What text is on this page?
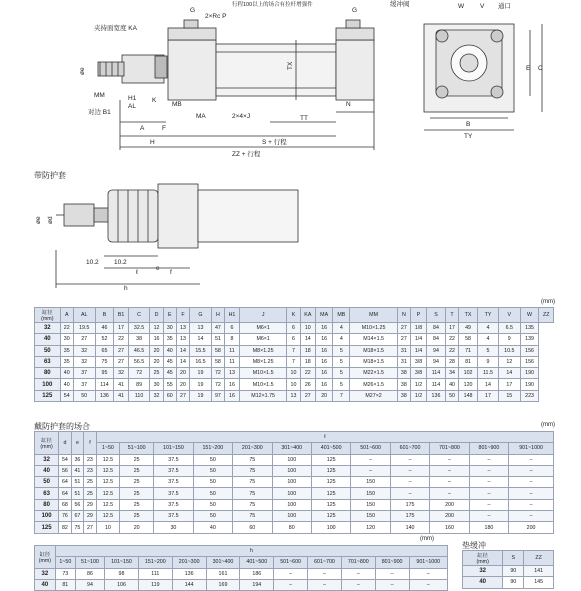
G
2×Rc P
行程100以上的场合有拉杆增强件
G
夹持面宽度 KA
øe
MM	H1
AL
对边 B1
K
MB
MA	2×4×J
TX
N
TT
A	F
H	S + 行程
ZZ + 行程
缓冲阀	W V 通口
E C
B
TY
带防护套
øe ød
10.2 10.2
ℓ
e
f
h
(mm)
缸径
(mm)	A	AL	B	B1	C	D	E	F	G	H	H1	J	K	KA	MA	MB	MM	N	P	S	T	TX	TY	V	W	ZZ
32	22	19.5	46	17	32.5	12	30	13	13	47	6	M6×1	6	10	16	4	M10×1.25	27	1/8	84	17	49	4	6.5	135	
40	30	27	52	22	38	16	35	13	14	51	8	M6×1	6	14	16	4	M14×1.5	27	1/4	84	22	58	4	9	139	
50	35	32	65	27	46.5	20	40	14	15.5	58	11	M8×1.25	7	18	16	5	M18×1.5	31	1/4	94	22	71	5	10.5	156	
63	35	32	75	27	56.5	20	45	14	16.5	58	11	M8×1.25	7	18	16	5	M18×1.5	31	3/8	94	28	81	9	12	156	
80	40	37	95	32	72	25	45	20	19	72	13	M10×1.5	10	22	16	5	M22×1.5	38	3/8	114	34	102	11.5	14	190	
100	40	37	114	41	89	30	55	20	19	72	16	M10×1.5	10	26	16	5	M26×1.5	38	1/2	114	40	120	14	17	190	
125	54	50	136	41	110	32	60	27	19	97	16	M12×1.75	13	27	20	7	M27×2	38	1/2	136	50	148	17	15	223	
戴防护套的场合	(mm)
缸径
(mm)	d	e	f	ℓ											
				1~50	51~100	101~150	151~200	201~300	301~400	401~500	501~600	601~700	701~800	801~900	901~1000
32	54	36	23	12.5	25	37.5	50	75	100	125	–	–	–	–	–
40	56	41	23	12.5	25	37.5	50	75	100	125	–	–	–	–	–
50	64	51	25	12.5	25	37.5	50	75	100	125	150	–	–	–	–
63	64	51	25	12.5	25	37.5	50	75	100	125	150	–	–	–	–
80	68	56	29	12.5	25	37.5	50	75	100	125	150	175	200	–	–
100	76	67	29	12.5	25	37.5	50	75	100	125	150	175	200	–	–
125	82	75	27	10	20	30	40	60	80	100	120	140	160	180	200
(mm)
垫缓冲
缸径
(mm)	h											
	1~50	51~100	101~150	151~200	201~300	301~400	401~500	501~600	601~700	701~800	801~900	901~1000
32	73	86	98	111	136	161	186	–	–	–	–	–
40	81	94	106	119	144	169	194	–	–	–	–	–
缸径
(mm)	S	ZZ
32	90	141
40	90	145
